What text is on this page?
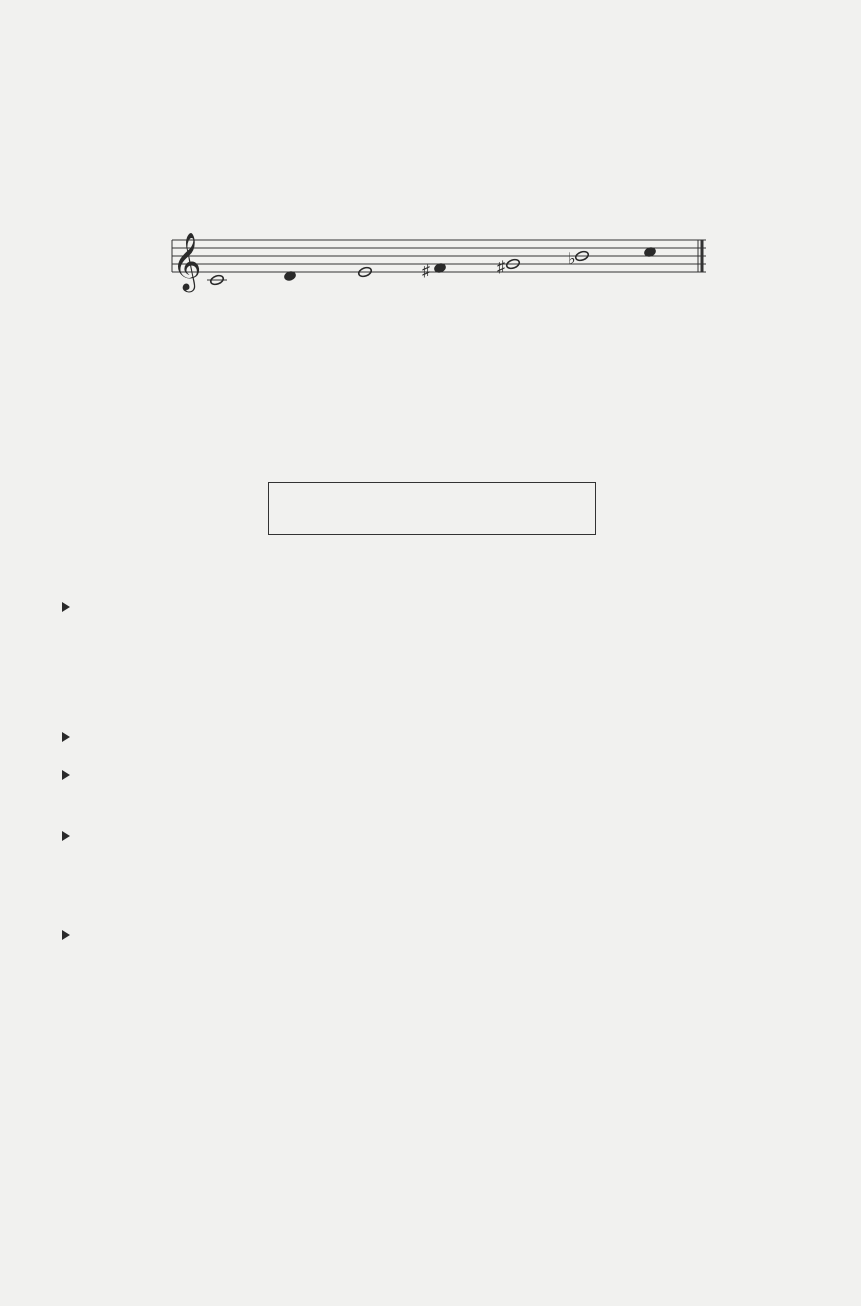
𝄞	♯	♯	♭
